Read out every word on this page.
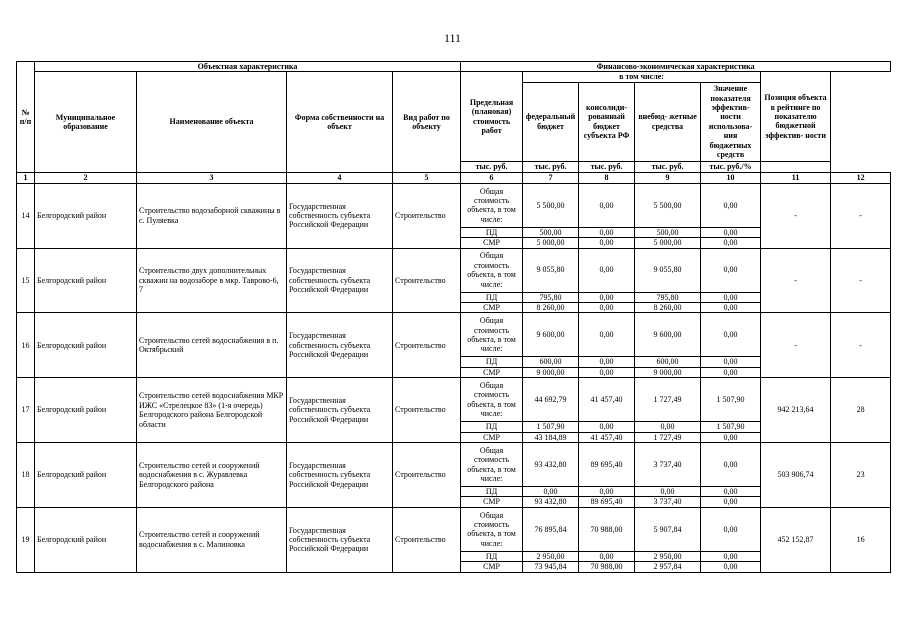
111
№ п/п	Объектная характеристика				Финансово-экономическая характеристика						
	Муниципальное образование	Наименование объекта	Форма собственности на объект	Вид работ по объекту	Предельная (плановая) стоимость работ	в том числе:				Позиция объекта в рейтинге по показателю бюджетной эффектив- ности	
						федеральный бюджет	консолиди- рованный бюджет субъекта РФ	внебюд- жетные средства	Значение показателя эффектив- ности использова- ния бюджетных средств		
					тыс. руб.	тыс. руб.	тыс. руб.	тыс. руб.	тыс. руб./%		
1	2	3	4	5	6	7	8	9	10	11	12
14	Белгородский район	Строительство водозаборной скважины в с. Пуляевка	Государственная собственность субъекта Российской Федерации	Строительство	Общая стоимость объекта, в том числе:	5 500,00	0,00	5 500,00	0,00	-	-
					ПД	500,00	0,00	500,00	0,00		
					СМР	5 000,00	0,00	5 000,00	0,00		
15	Белгородский район	Строительство двух дополнительных скважин на водозаборе в мкр. Таврово-6, 7	Государственная собственность субъекта Российской Федерации	Строительство	Общая стоимость объекта, в том числе:	9 055,80	0,00	9 055,80	0,00	-	-
					ПД	795,80	0,00	795,80	0,00		
					СМР	8 260,00	0,00	8 260,00	0,00		
16	Белгородский район	Строительство сетей водоснабжения в п. Октябрьский	Государственная собственность субъекта Российской Федерации	Строительство	Общая стоимость объекта, в том числе:	9 600,00	0,00	9 600,00	0,00	-	-
					ПД	600,00	0,00	600,00	0,00		
					СМР	9 000,00	0,00	9 000,00	0,00		
17	Белгородский район	Строительство сетей водоснабжения МКР ИЖС «Стрелецкое 83» (1-я очередь) Белгородского района Белгородской области	Государственная собственность субъекта Российской Федерации	Строительство	Общая стоимость объекта, в том числе:	44 692,79	41 457,40	1 727,49	1 507,90	942 213,64	28
					ПД	1 507,90	0,00	0,00	1 507,90		
					СМР	43 184,89	41 457,40	1 727,49	0,00		
18	Белгородский район	Строительство сетей и сооружений водоснабжения в с. Журавлевка Белгородского района	Государственная собственность субъекта Российской Федерации	Строительство	Общая стоимость объекта, в том числе:	93 432,80	89 695,40	3 737,40	0,00	503 906,74	23
					ПД	0,00	0,00	0,00	0,00		
					СМР	93 432,80	89 695,40	3 737,40	0,00		
19	Белгородский район	Строительство сетей и сооружений водоснабжения в с. Малиновка	Государственная собственность субъекта Российской Федерации	Строительство	Общая стоимость объекта, в том числе:	76 895,84	70 988,00	5 907,84	0,00	452 152,87	16
					ПД	2 950,00	0,00	2 950,00	0,00		
					СМР	73 945,84	70 988,00	2 957,84	0,00		
